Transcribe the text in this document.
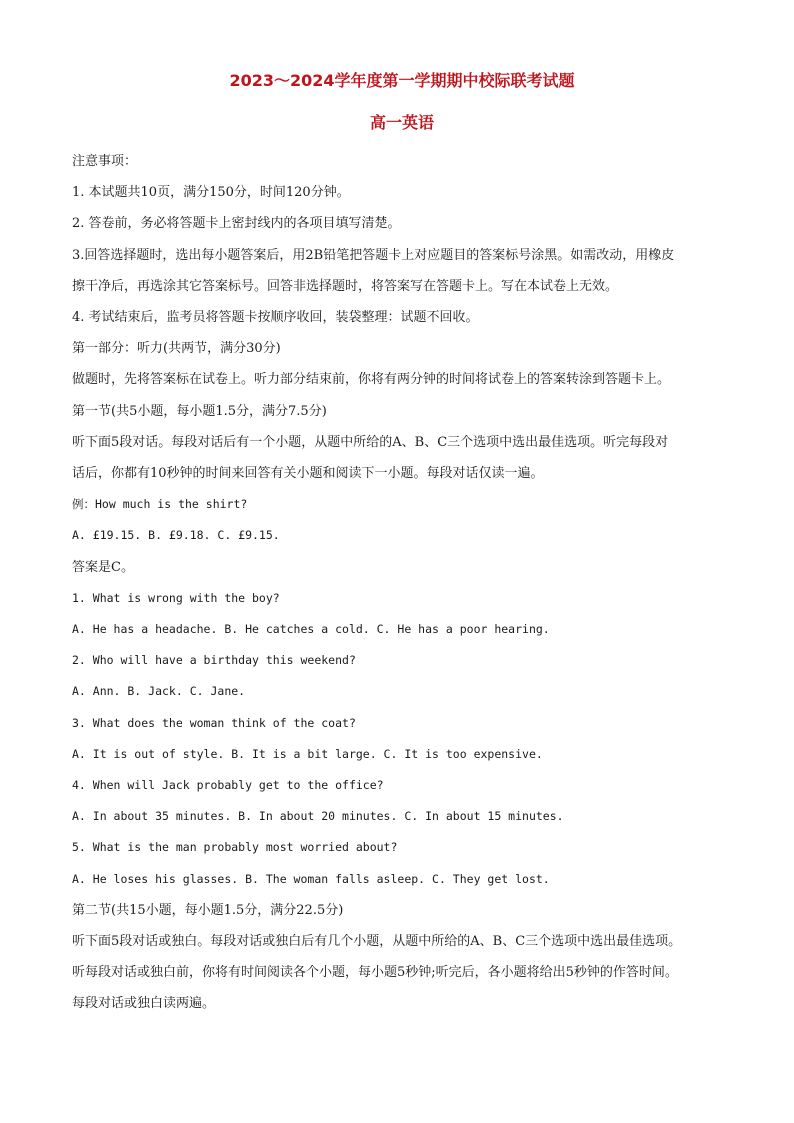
2023～2024学年度第一学期期中校际联考试题

高一英语

注意事项：

1. 本试题共10页，满分150分，时间120分钟。

2. 答卷前，务必将答题卡上密封线内的各项目填写清楚。

3.回答选择题时，选出每小题答案后，用2B铅笔把答题卡上对应题目的答案标号涂黑。如需改动，用橡皮

擦干净后，再选涂其它答案标号。回答非选择题时，将答案写在答题卡上。写在本试卷上无效。

4. 考试结束后，监考员将答题卡按顺序收回，装袋整理：试题不回收。

第一部分：听力(共两节，满分30分)

做题时，先将答案标在试卷上。听力部分结束前，你将有两分钟的时间将试卷上的答案转涂到答题卡上。

第一节(共5小题，每小题1.5分，满分7.5分)

听下面5段对话。每段对话后有一个小题，从题中所给的A、B、C三个选项中选出最佳选项。听完每段对

话后，你都有10秒钟的时间来回答有关小题和阅读下一小题。每段对话仅读一遍。

例：How much is the shirt?

A. £19.15. B. £9.18. C. £9.15.

答案是C。

1. What is wrong with the boy?

A. He has a headache. B. He catches a cold. C. He has a poor hearing.

2. Who will have a birthday this weekend?

A. Ann. B. Jack. C. Jane.

3. What does the woman think of the coat?

A. It is out of style. B. It is a bit large. C. It is too expensive.

4. When will Jack probably get to the office?

A. In about 35 minutes. B. In about 20 minutes. C. In about 15 minutes.

5. What is the man probably most worried about?

A. He loses his glasses. B. The woman falls asleep. C. They get lost.

第二节(共15小题，每小题1.5分，满分22.5分)

听下面5段对话或独白。每段对话或独白后有几个小题，从题中所给的A、B、C三个选项中选出最佳选项。

听每段对话或独白前，你将有时间阅读各个小题，每小题5秒钟;听完后，各小题将给出5秒钟的作答时间。

每段对话或独白读两遍。
